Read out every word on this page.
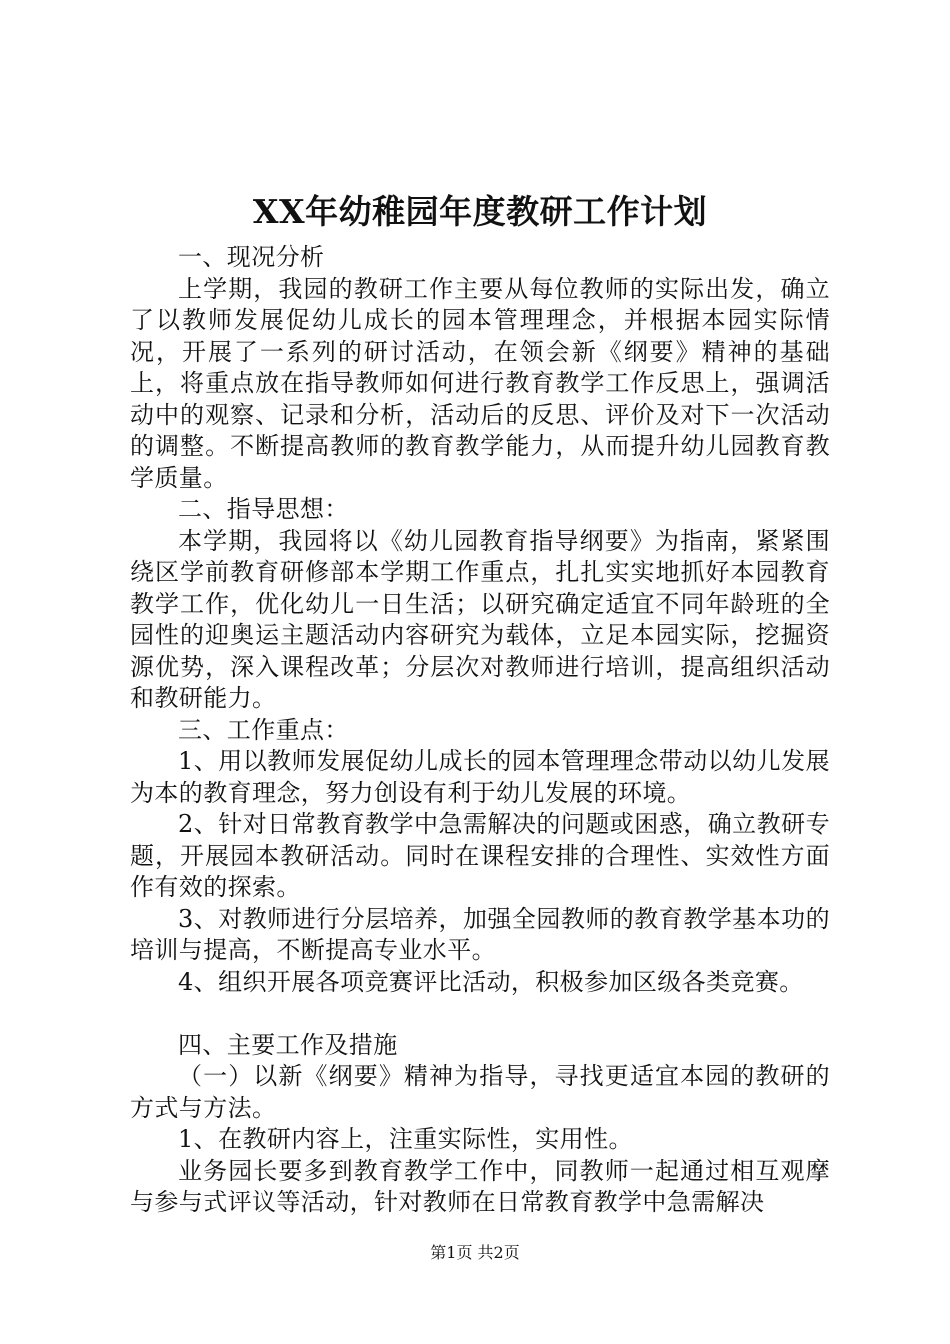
XX年幼稚园年度教研工作计划

一、现况分析

上学期，我园的教研工作主要从每位教师的实际出发，确立了以教师发展促幼儿成长的园本管理理念，并根据本园实际情况，开展了一系列的研讨活动，在领会新《纲要》精神的基础上，将重点放在指导教师如何进行教育教学工作反思上，强调活动中的观察、记录和分析，活动后的反思、评价及对下一次活动的调整。不断提高教师的教育教学能力，从而提升幼儿园教育教学质量。

二、指导思想：

本学期，我园将以《幼儿园教育指导纲要》为指南，紧紧围绕区学前教育研修部本学期工作重点，扎扎实实地抓好本园教育教学工作，优化幼儿一日生活；以研究确定适宜不同年龄班的全园性的迎奥运主题活动内容研究为载体，立足本园实际，挖掘资源优势，深入课程改革；分层次对教师进行培训，提高组织活动和教研能力。

三、工作重点：

1、用以教师发展促幼儿成长的园本管理理念带动以幼儿发展为本的教育理念，努力创设有利于幼儿发展的环境。

2、针对日常教育教学中急需解决的问题或困惑，确立教研专题，开展园本教研活动。同时在课程安排的合理性、实效性方面作有效的探索。

3、对教师进行分层培养，加强全园教师的教育教学基本功的培训与提高，不断提高专业水平。

4、组织开展各项竞赛评比活动，积极参加区级各类竞赛。

四、主要工作及措施

（一）以新《纲要》精神为指导，寻找更适宜本园的教研的方式与方法。

1、在教研内容上，注重实际性，实用性。

业务园长要多到教育教学工作中，同教师一起通过相互观摩与参与式评议等活动，针对教师在日常教育教学中急需解决

第1页 共2页
